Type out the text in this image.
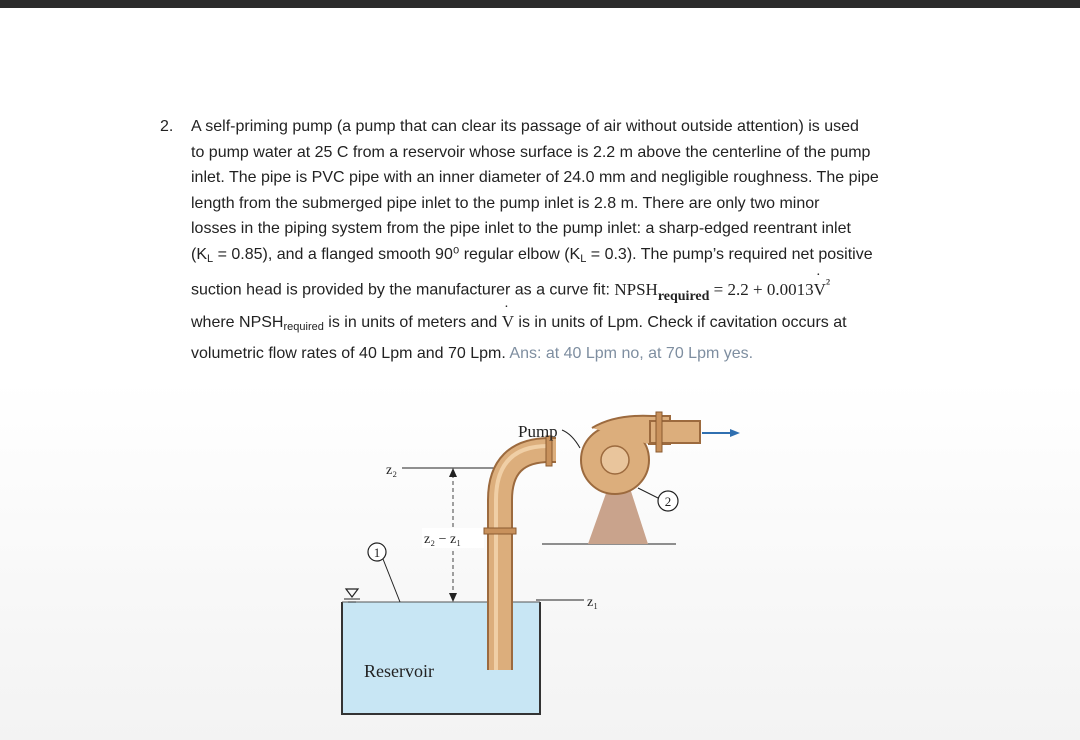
2. A self-priming pump (a pump that can clear its passage of air without outside attention) is used
to pump water at 25 C from a reservoir whose surface is 2.2 m above the centerline of the pump
inlet. The pipe is PVC pipe with an inner diameter of 24.0 mm and negligible roughness. The pipe
length from the submerged pipe inlet to the pump inlet is 2.8 m. There are only two minor
losses in the piping system from the pipe inlet to the pump inlet: a sharp-edged reentrant inlet
$(K_L = 0.85)$, and a flanged smooth 90⁰ regular elbow $(K_L = 0.3)$. The pump’s required net positive
suction head is provided by the manufacturer as a curve fit: $NPSH_{required} = 2.2 + 0.0013V$ ˙$^{^2}$
where $NPSH_{required}$ is in units of meters and V ˙ is in units of Lpm. Check if cavitation occurs at
volumetric flow rates of 40 Lpm and 70 Lpm. Ans: at 40 Lpm no, at 70 Lpm yes.
1
z₂
z₂ − z₁
z₁
Pump
2
Reservoir
